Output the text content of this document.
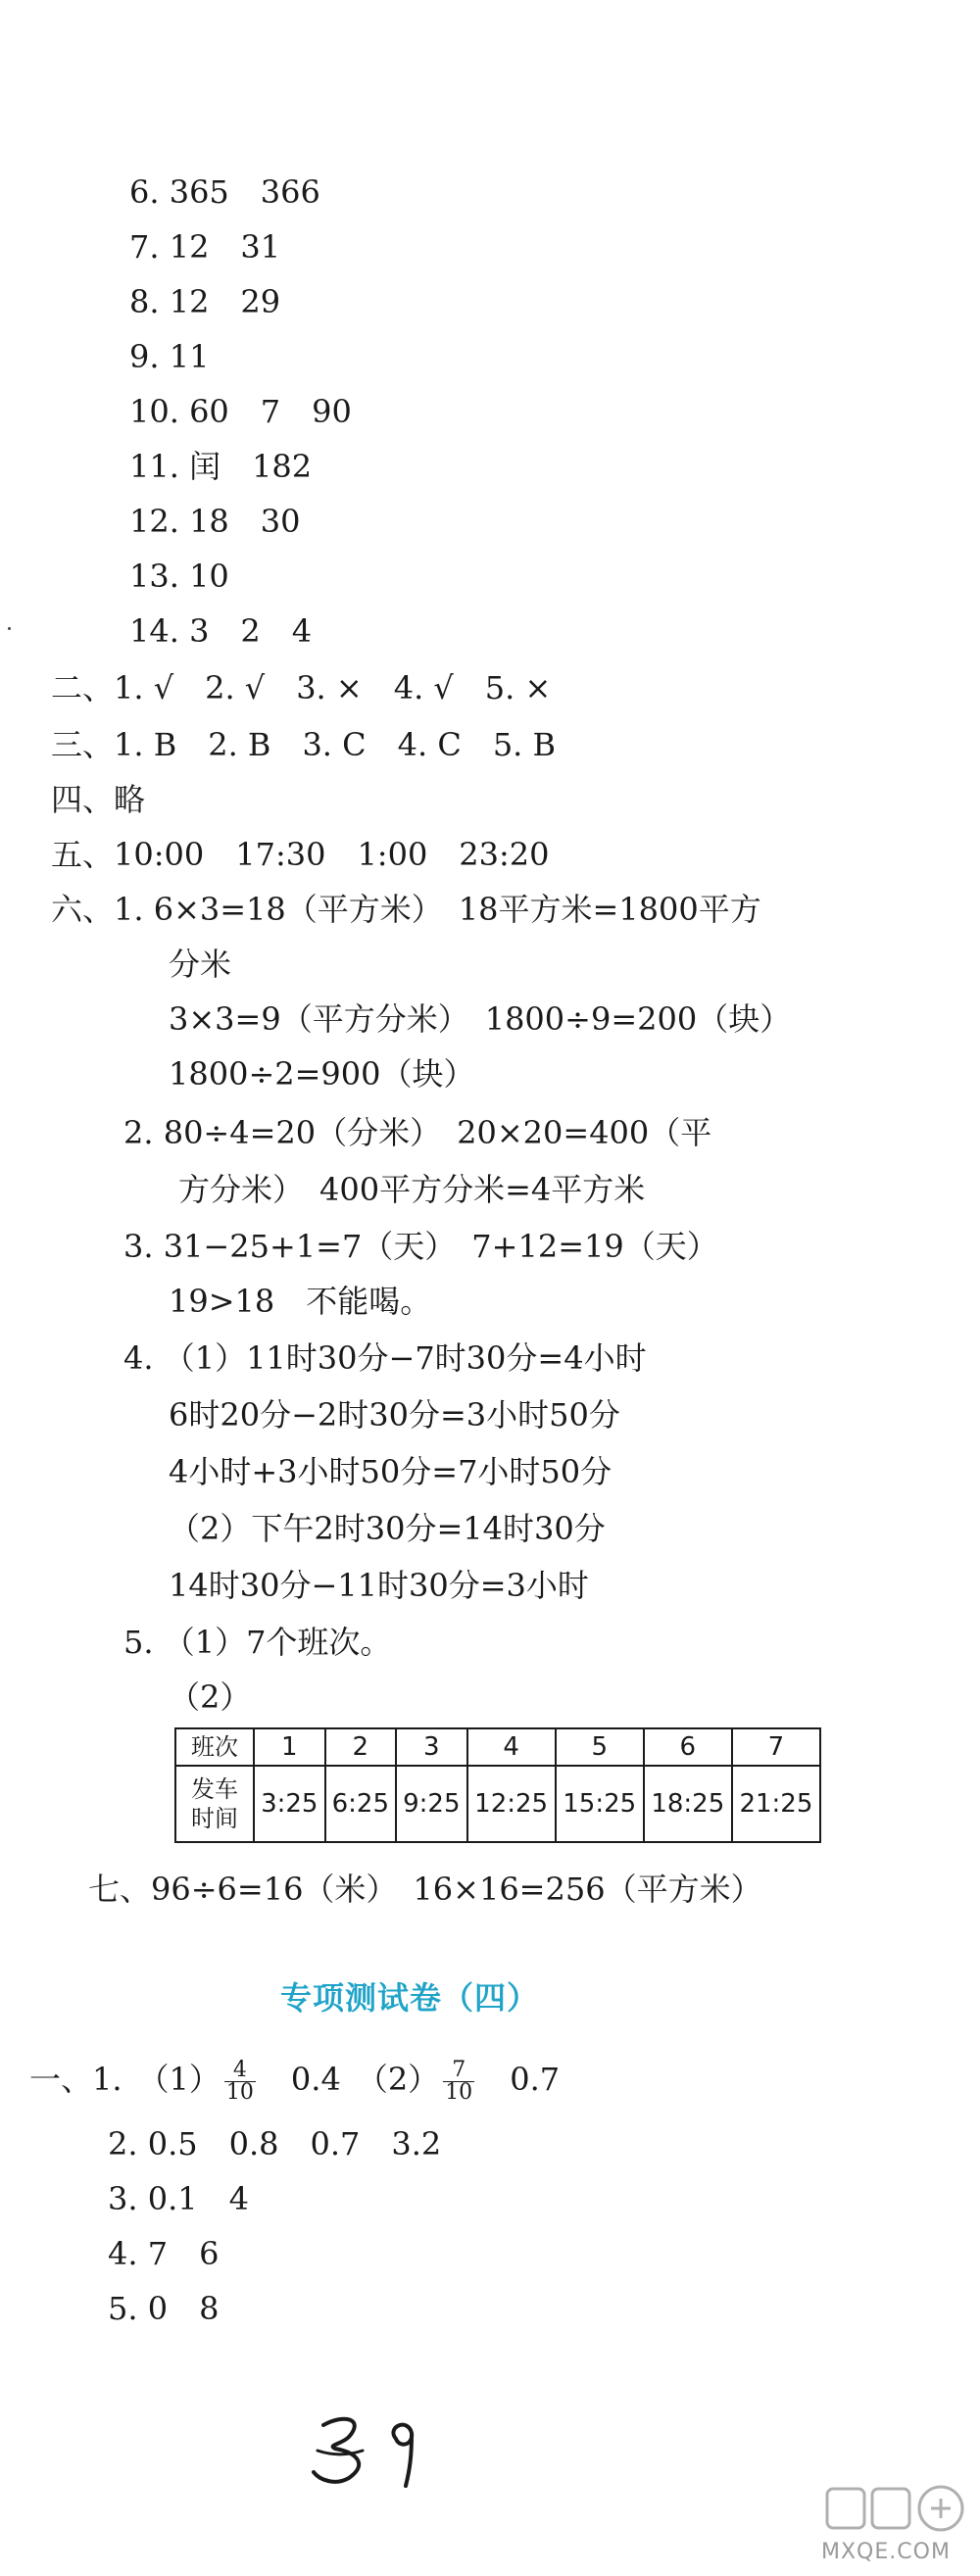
6. 365　366
7. 12　31
8. 12　29
9. 11
10. 60　7　90
11. 闰　182
12. 18　30
13. 10
14. 3　2　4
二、1. √　2. √　3. ×　4. √　5. ×
三、1. B　2. B　3. C　4. C　5. B
四、略
五、10:00　17:30　1:00　23:20
六、1. 6×3=18（平方米）　18平方米=1800平方
分米
3×3=9（平方分米）　1800÷9=200（块）
1800÷2=900（块）
2. 80÷4=20（分米）　20×20=400（平
方分米）　400平方分米=4平方米
3. 31−25+1=7（天）　7+12=19（天）
19>18　不能喝。
4. （1）11时30分−7时30分=4小时
6时20分−2时30分=3小时50分
4小时+3小时50分=7小时50分
（2）下午2时30分=14时30分
14时30分−11时30分=3小时
5. （1）7个班次。
（2）
班次	1	2	3	4	5	6	7
发车
时间	3:25	6:25	9:25	12:25	15:25	18:25	21:25
七、96÷6=16（米）　16×16=256（平方米）
专项测试卷（四）
一、1.　$(1) \frac{4}{10}$
　 0.4　$(2) \frac{7}{10}$
　 0.7
2. 0.5　0.8　0.7　3.2
3. 0.1　4
4. 7　6
5. 0　8
MXQE.COM
